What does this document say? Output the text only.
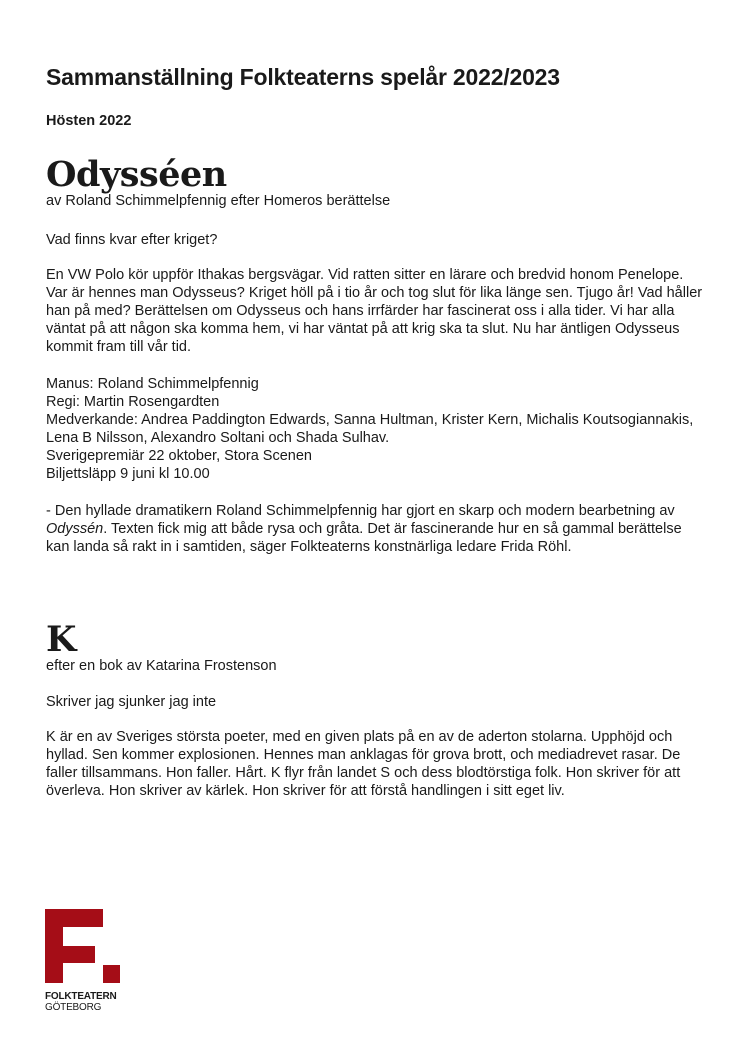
Sammanställning Folkteaterns spelår 2022/2023
Hösten 2022
Odysséen
av Roland Schimmelpfennig efter Homeros berättelse

Vad finns kvar efter kriget?

En VW Polo kör uppför Ithakas bergsvägar. Vid ratten sitter en lärare och bredvid honom Penelope. Var är hennes man Odysseus? Kriget höll på i tio år och tog slut för lika länge sen. Tjugo år! Vad håller han på med? Berättelsen om Odysseus och hans irrfärder har fascinerat oss i alla tider. Vi har alla väntat på att någon ska komma hem, vi har väntat på att krig ska ta slut. Nu har äntligen Odysseus kommit fram till vår tid.

Manus: Roland Schimmelpfennig
Regi: Martin Rosengardten
Medverkande: Andrea Paddington Edwards, Sanna Hultman, Krister Kern, Michalis Koutsogiannakis, Lena B Nilsson, Alexandro Soltani och Shada Sulhav.
Sverigepremiär 22 oktober, Stora Scenen
Biljettsläpp 9 juni kl 10.00

- Den hyllade dramatikern Roland Schimmelpfennig har gjort en skarp och modern bearbetning av Odyssén. Texten fick mig att både rysa och gråta. Det är fascinerande hur en så gammal berättelse kan landa så rakt in i samtiden, säger Folkteaterns konstnärliga ledare Frida Röhl.

K
efter en bok av Katarina Frostenson

Skriver jag sjunker jag inte

K är en av Sveriges största poeter, med en given plats på en av de aderton stolarna. Upphöjd och hyllad. Sen kommer explosionen. Hennes man anklagas för grova brott, och mediadrevet rasar. De faller tillsammans. Hon faller. Hårt. K flyr från landet S och dess blodtörstiga folk. Hon skriver för att överleva. Hon skriver av kärlek. Hon skriver för att förstå handlingen i sitt eget liv.

FOLKTEATERN
GÖTEBORG
